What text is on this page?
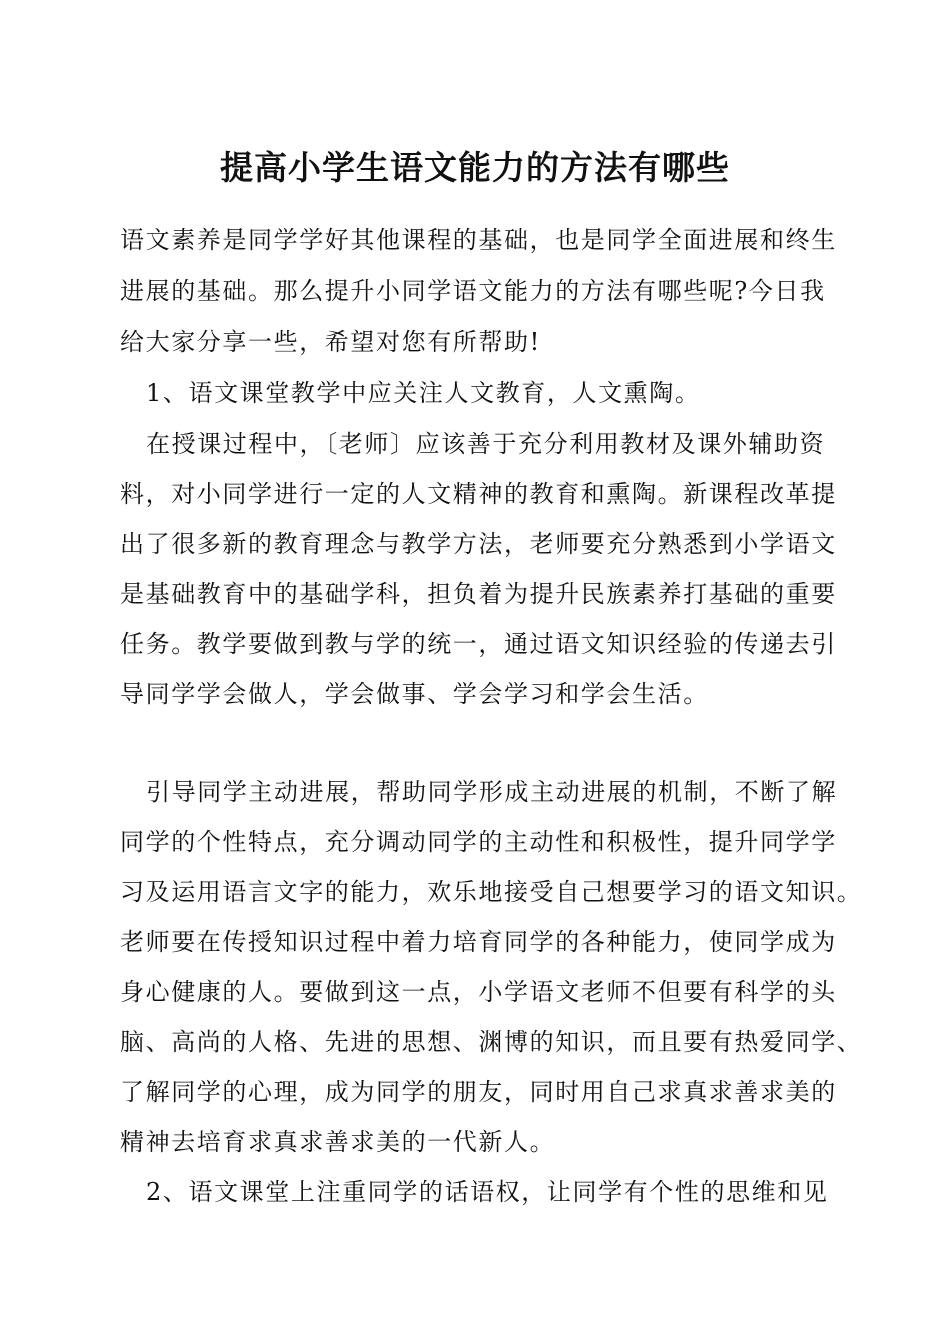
提高小学生语文能力的方法有哪些
语文素养是同学学好其他课程的基础，也是同学全面进展和终生
进展的基础。那么提升小同学语文能力的方法有哪些呢?今日我
给大家分享一些，希望对您有所帮助!
1、语文课堂教学中应关注人文教育，人文熏陶。
在授课过程中，〔老师〕应该善于充分利用教材及课外辅助资
料，对小同学进行一定的人文精神的教育和熏陶。新课程改革提
出了很多新的教育理念与教学方法，老师要充分熟悉到小学语文
是基础教育中的基础学科，担负着为提升民族素养打基础的重要
任务。教学要做到教与学的统一，通过语文知识经验的传递去引
导同学学会做人，学会做事、学会学习和学会生活。
引导同学主动进展，帮助同学形成主动进展的机制，不断了解
同学的个性特点，充分调动同学的主动性和积极性，提升同学学
习及运用语言文字的能力，欢乐地接受自己想要学习的语文知识。
老师要在传授知识过程中着力培育同学的各种能力，使同学成为
身心健康的人。要做到这一点，小学语文老师不但要有科学的头
脑、高尚的人格、先进的思想、渊博的知识，而且要有热爱同学、
了解同学的心理，成为同学的朋友，同时用自己求真求善求美的
精神去培育求真求善求美的一代新人。
2、语文课堂上注重同学的话语权，让同学有个性的思维和见
